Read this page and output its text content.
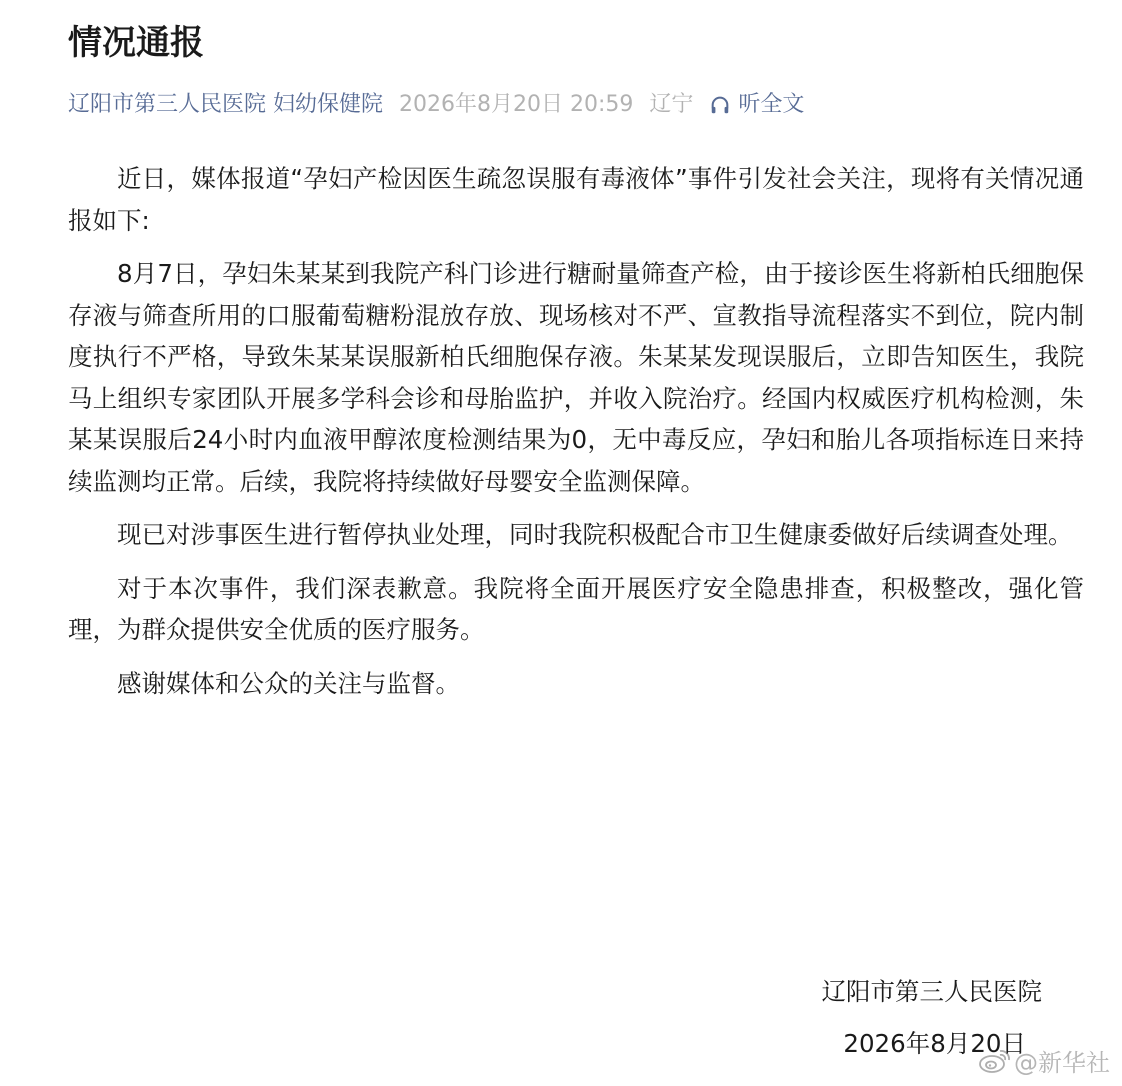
情况通报
辽阳市第三人民医院 妇幼保健院 2026年8月20日 20:59 辽宁 听全文

近日，媒体报道“孕妇产检因医生疏忽误服有毒液体”事件引发社会关注，现将有关情况通报如下:

8月7日，孕妇朱某某到我院产科门诊进行糖耐量筛查产检，由于接诊医生将新柏氏细胞保存液与筛查所用的口服葡萄糖粉混放存放、现场核对不严、宣教指导流程落实不到位，院内制度执行不严格，导致朱某某误服新柏氏细胞保存液。朱某某发现误服后，立即告知医生，我院马上组织专家团队开展多学科会诊和母胎监护，并收入院治疗。经国内权威医疗机构检测，朱某某误服后24小时内血液甲醇浓度检测结果为0，无中毒反应，孕妇和胎儿各项指标连日来持续监测均正常。后续，我院将持续做好母婴安全监测保障。

现已对涉事医生进行暂停执业处理，同时我院积极配合市卫生健康委做好后续调查处理。

对于本次事件，我们深表歉意。我院将全面开展医疗安全隐患排查，积极整改，强化管理，为群众提供安全优质的医疗服务。

感谢媒体和公众的关注与监督。

辽阳市第三人民医院
2026年8月20日
@新华社
